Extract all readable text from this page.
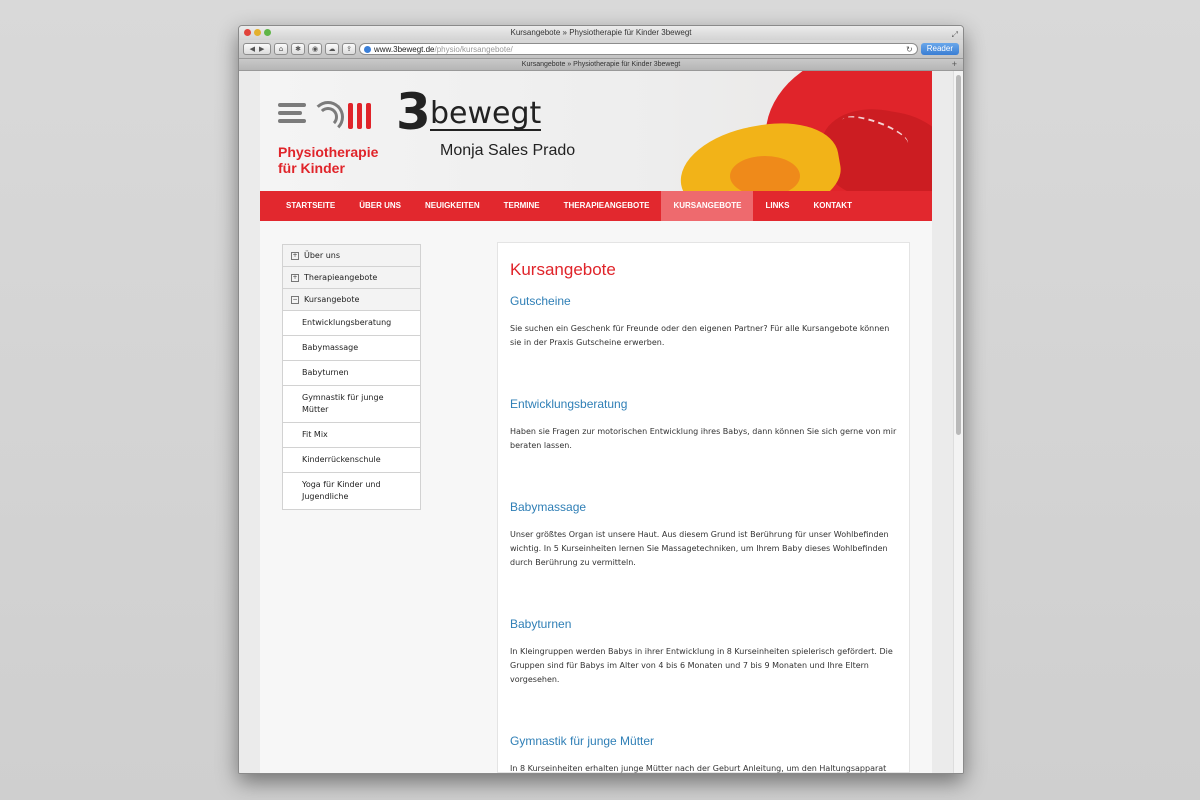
Kursangebote » Physiotherapie für Kinder 3bewegt	⤢
◀ ▶	⌂	✱	◉	☁	⇪	www.3bewegt.de /physio/kursangebote/	↻	Reader
Kursangebote » Physiotherapie für Kinder 3bewegt	+
3 bewegt
Physiotherapie
für Kinder
Monja Sales Prado
STARTSEITE	ÜBER UNS	NEUIGKEITEN	TERMINE	THERAPIEANGEBOTE	KURSANGEBOTE	LINKS	KONTAKT
+ Über uns
+ Therapieangebote
− Kursangebote
Entwicklungsberatung
Babymassage
Babyturnen
Gymnastik für junge Mütter
Fit Mix
Kinderrückenschule
Yoga für Kinder und Jugendliche
Kursangebote
Gutscheine

Sie suchen ein Geschenk für Freunde oder den eigenen Partner? Für alle Kursangebote können sie in der Praxis Gutscheine erwerben.

Entwicklungsberatung

Haben sie Fragen zur motorischen Entwicklung ihres Babys, dann können Sie sich gerne von mir beraten lassen.

Babymassage

Unser größtes Organ ist unsere Haut. Aus diesem Grund ist Berührung für unser Wohlbefinden wichtig. In 5 Kurseinheiten lernen Sie Massagetechniken, um Ihrem Baby dieses Wohlbefinden durch Berührung zu vermitteln.

Babyturnen

In Kleingruppen werden Babys in ihrer Entwicklung in 8 Kurseinheiten spielerisch gefördert. Die Gruppen sind für Babys im Alter von 4 bis 6 Monaten und 7 bis 9 Monaten und Ihre Eltern vorgesehen.

Gymnastik für junge Mütter

In 8 Kurseinheiten erhalten junge Mütter nach der Geburt Anleitung, um den Haltungsapparat
